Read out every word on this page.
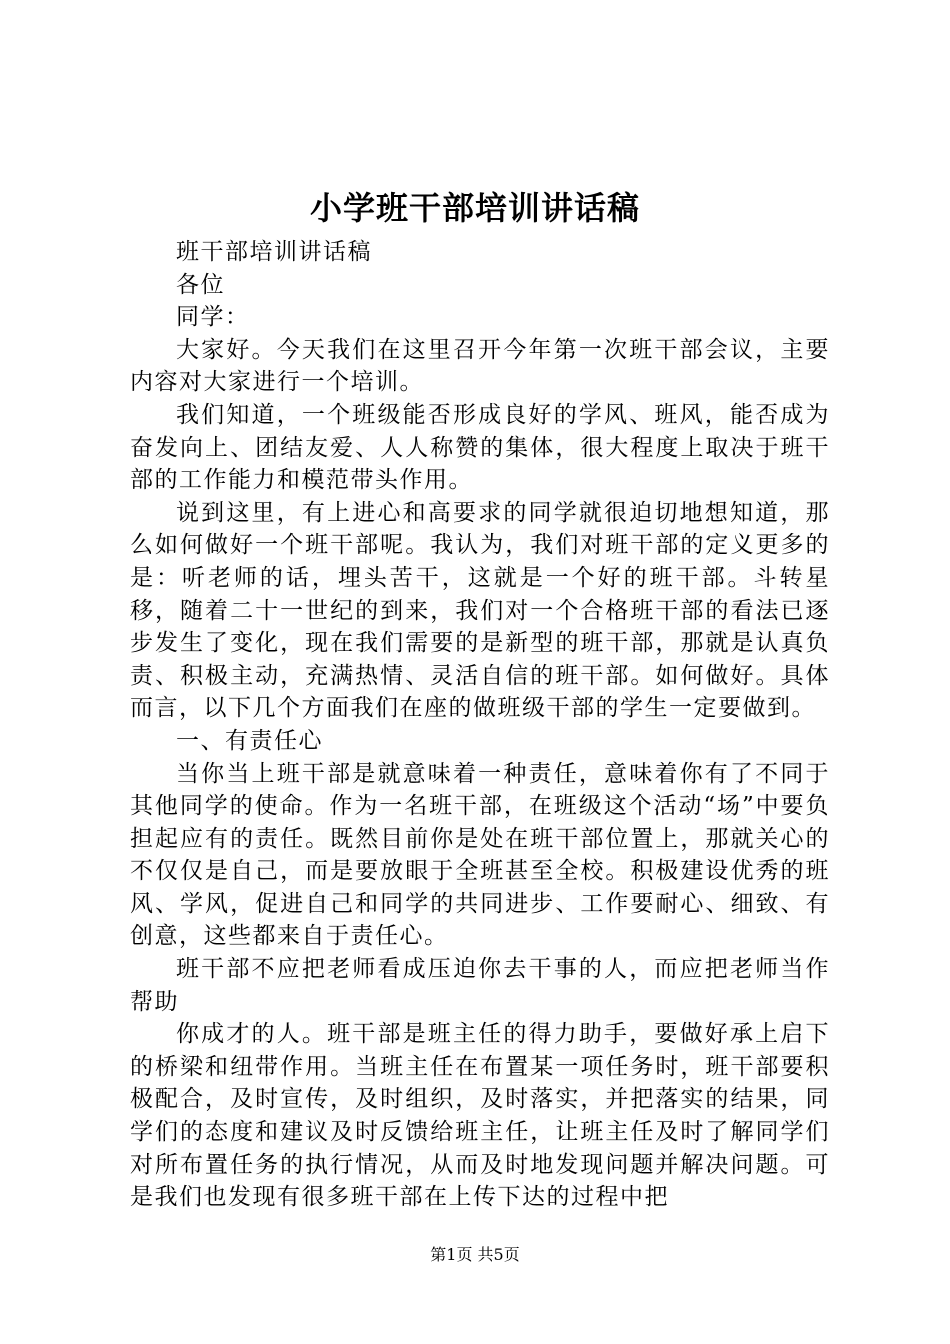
小学班干部培训讲话稿

班干部培训讲话稿

各位

同学：

大家好。今天我们在这里召开今年第一次班干部会议，主要内容对大家进行一个培训。

我们知道，一个班级能否形成良好的学风、班风，能否成为奋发向上、团结友爱、人人称赞的集体，很大程度上取决于班干部的工作能力和模范带头作用。

说到这里，有上进心和高要求的同学就很迫切地想知道，那么如何做好一个班干部呢。我认为，我们对班干部的定义更多的是：听老师的话，埋头苦干，这就是一个好的班干部。斗转星移，随着二十一世纪的到来，我们对一个合格班干部的看法已逐步发生了变化，现在我们需要的是新型的班干部，那就是认真负责、积极主动，充满热情、灵活自信的班干部。如何做好。具体而言，以下几个方面我们在座的做班级干部的学生一定要做到。

一、有责任心

当你当上班干部是就意味着一种责任，意味着你有了不同于其他同学的使命。作为一名班干部，在班级这个活动“场”中要负担起应有的责任。既然目前你是处在班干部位置上，那就关心的不仅仅是自己，而是要放眼于全班甚至全校。积极建设优秀的班风、学风，促进自己和同学的共同进步、工作要耐心、细致、有创意，这些都来自于责任心。

班干部不应把老师看成压迫你去干事的人，而应把老师当作帮助

你成才的人。班干部是班主任的得力助手，要做好承上启下的桥梁和纽带作用。当班主任在布置某一项任务时，班干部要积极配合，及时宣传，及时组织，及时落实，并把落实的结果，同学们的态度和建议及时反馈给班主任，让班主任及时了解同学们对所布置任务的执行情况，从而及时地发现问题并解决问题。可是我们也发现有很多班干部在上传下达的过程中把

第1页 共5页
